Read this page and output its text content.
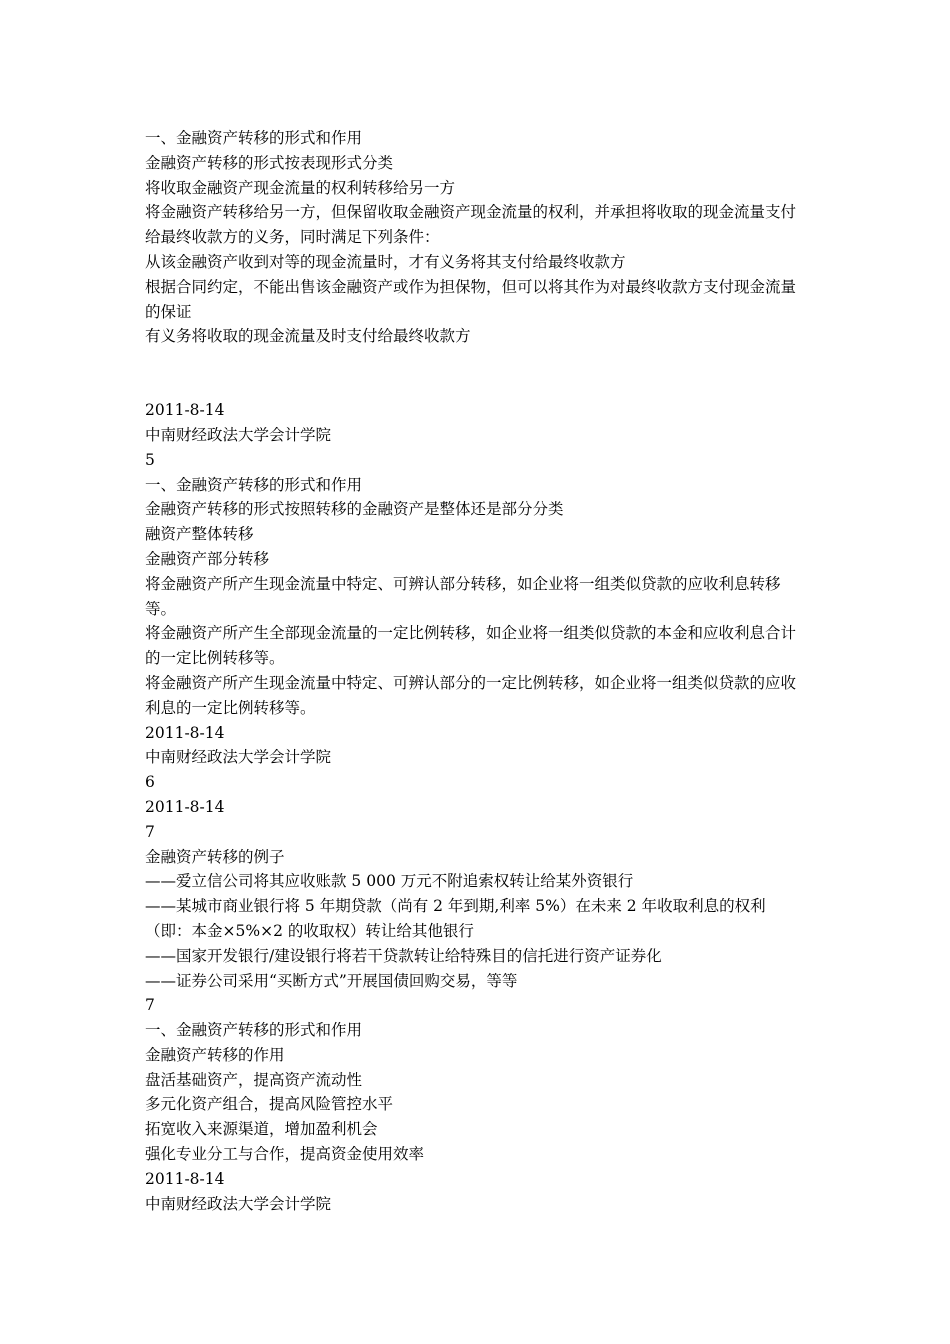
一、金融资产转移的形式和作用

金融资产转移的形式按表现形式分类

将收取金融资产现金流量的权利转移给另一方

将金融资产转移给另一方，但保留收取金融资产现金流量的权利，并承担将收取的现金流量支付给最终收款方的义务，同时满足下列条件：

从该金融资产收到对等的现金流量时，才有义务将其支付给最终收款方

根据合同约定，不能出售该金融资产或作为担保物，但可以将其作为对最终收款方支付现金流量的保证

有义务将收取的现金流量及时支付给最终收款方

2011-8-14

中南财经政法大学会计学院

5

一、金融资产转移的形式和作用

金融资产转移的形式按照转移的金融资产是整体还是部分分类

融资产整体转移

金融资产部分转移

将金融资产所产生现金流量中特定、可辨认部分转移，如企业将一组类似贷款的应收利息转移等。

将金融资产所产生全部现金流量的一定比例转移，如企业将一组类似贷款的本金和应收利息合计的一定比例转移等。

将金融资产所产生现金流量中特定、可辨认部分的一定比例转移，如企业将一组类似贷款的应收利息的一定比例转移等。

2011-8-14

中南财经政法大学会计学院

6

2011-8-14

7

金融资产转移的例子

——爱立信公司将其应收账款 5 000 万元不附追索权转让给某外资银行

——某城市商业银行将 5 年期贷款（尚有 2 年到期,利率 5%）在未来 2 年收取利息的权利（即：本金×5%×2 的收取权）转让给其他银行

——国家开发银行/建设银行将若干贷款转让给特殊目的信托进行资产证券化

——证券公司采用“买断方式”开展国债回购交易，等等

7

一、金融资产转移的形式和作用

金融资产转移的作用

盘活基础资产，提高资产流动性

多元化资产组合，提高风险管控水平

拓宽收入来源渠道，增加盈利机会

强化专业分工与合作，提高资金使用效率

2011-8-14

中南财经政法大学会计学院
